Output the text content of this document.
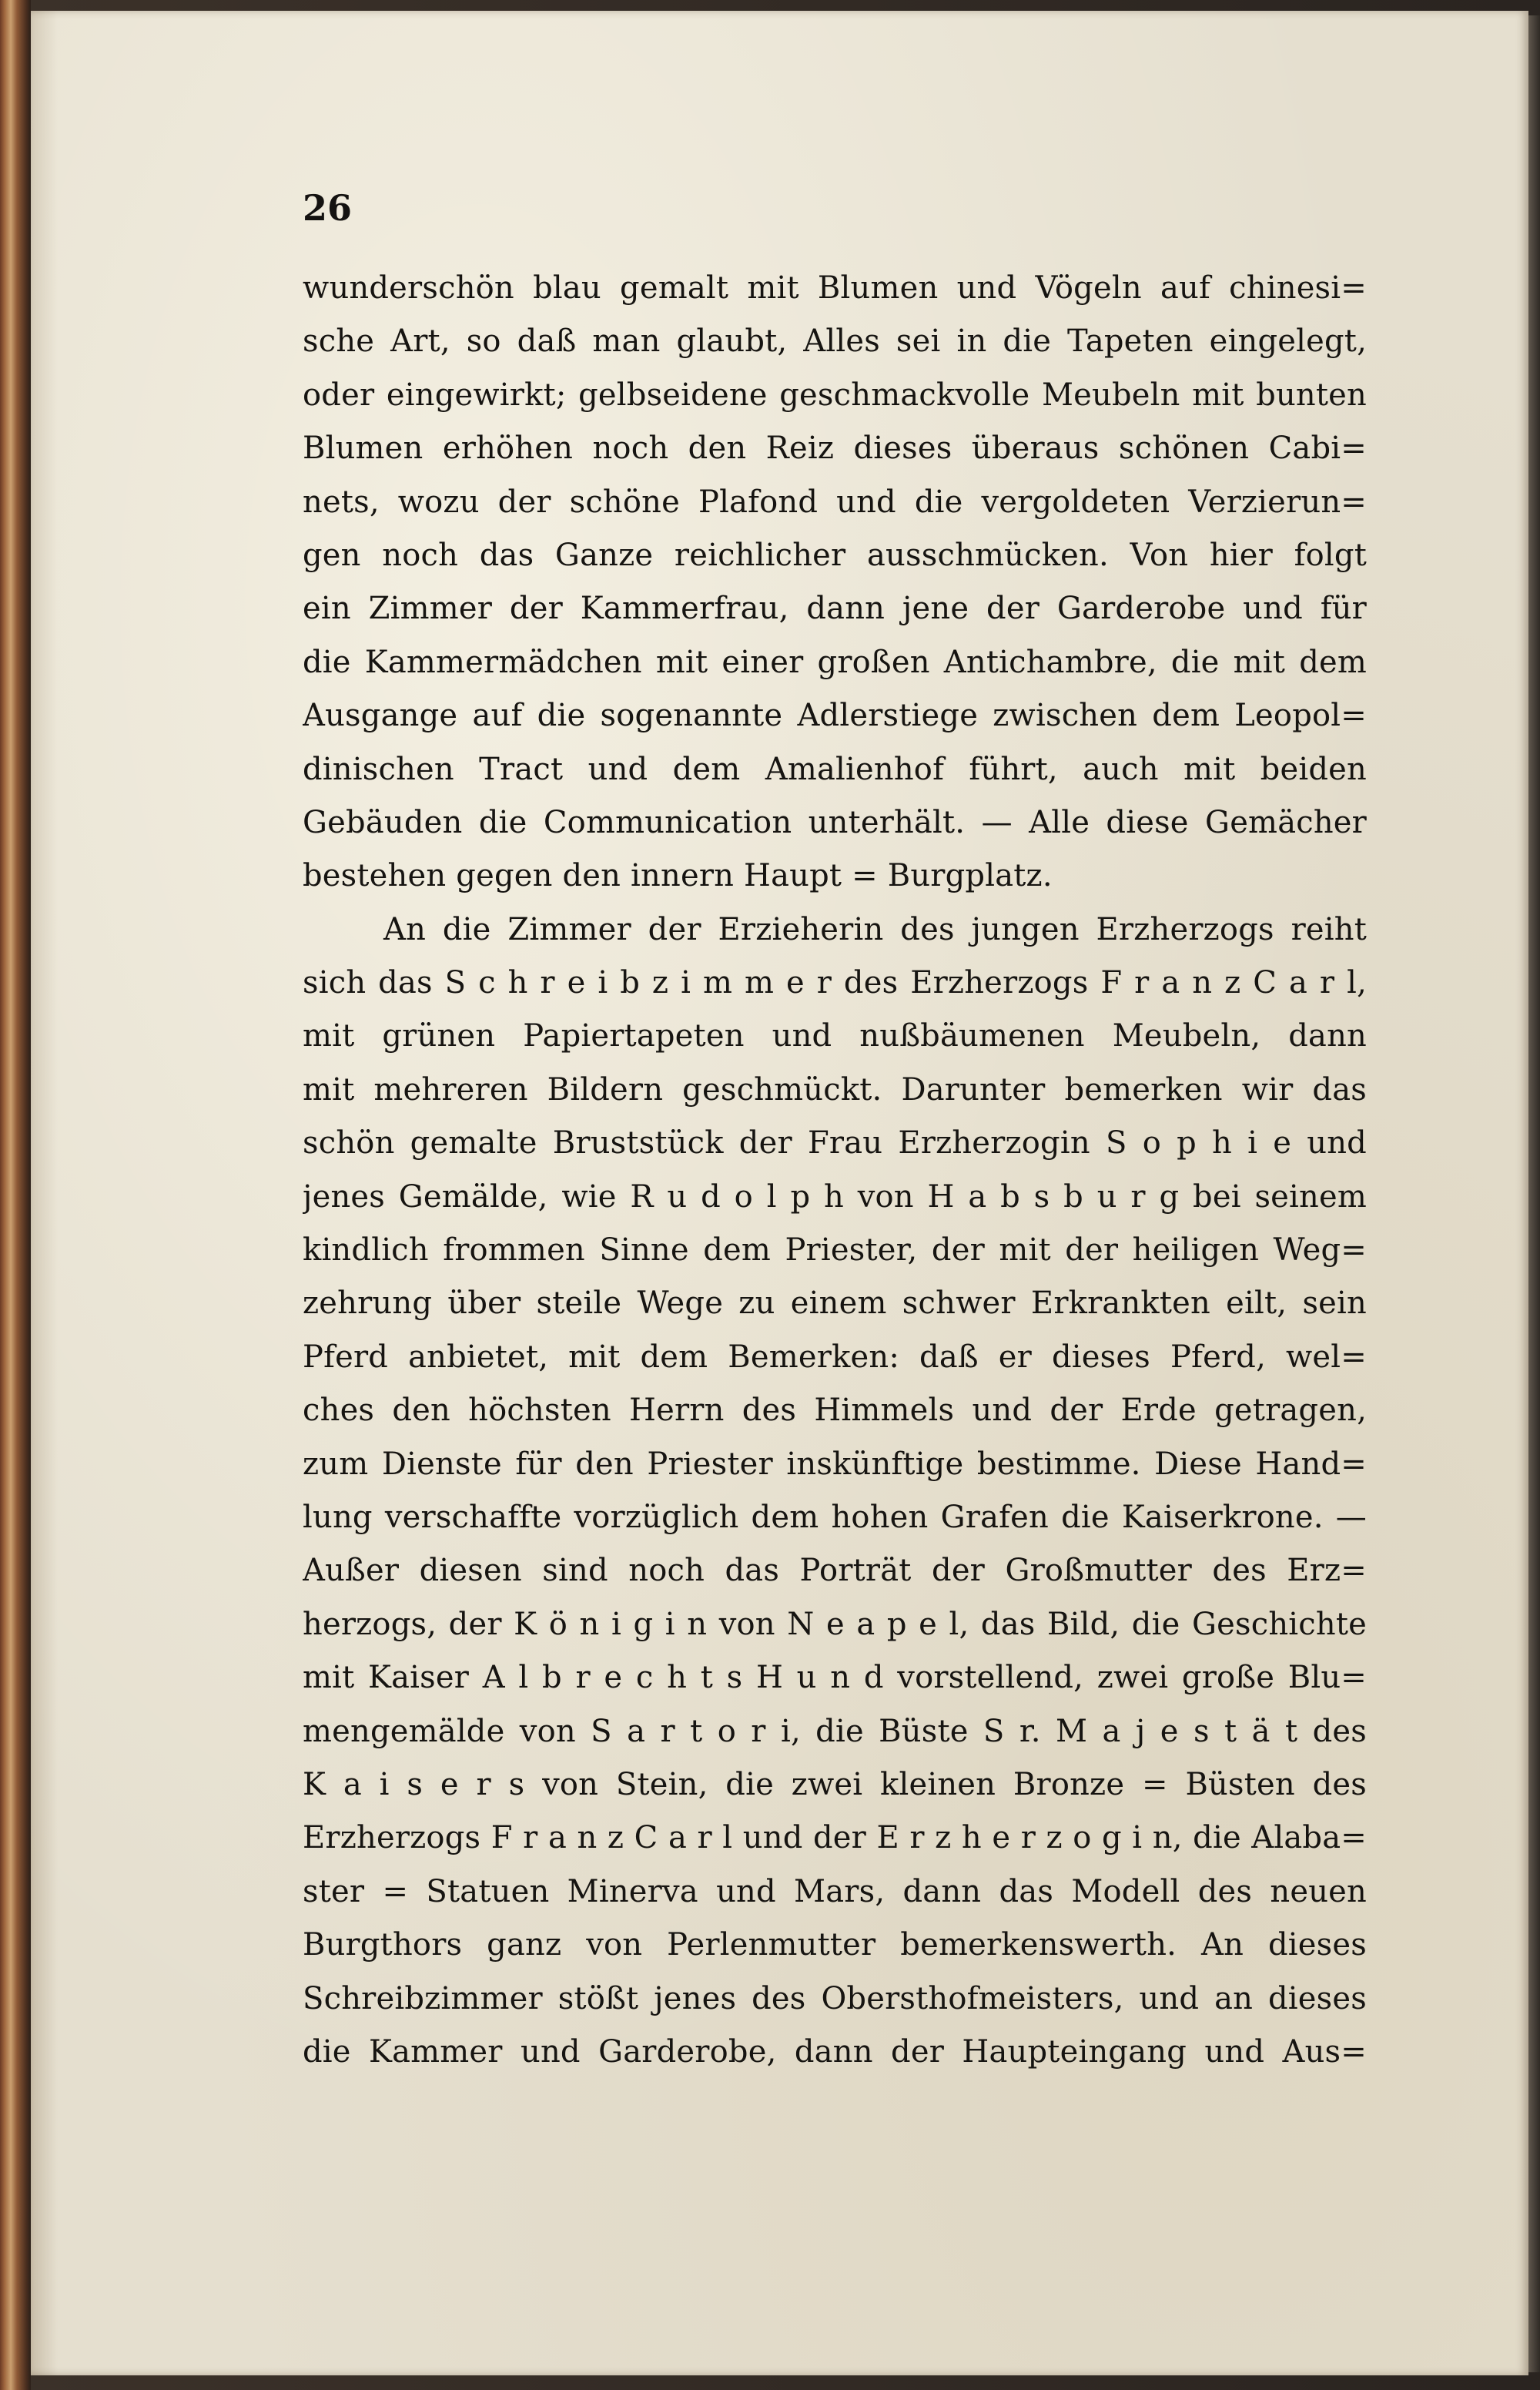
26

wunderschön blau gemalt mit Blumen und Vögeln auf chinesi=
sche Art, so daß man glaubt, Alles sei in die Tapeten eingelegt,
oder eingewirkt; gelbseidene geschmackvolle Meubeln mit bunten
Blumen erhöhen noch den Reiz dieses überaus schönen Cabi=
nets, wozu der schöne Plafond und die vergoldeten Verzierun=
gen noch das Ganze reichlicher ausschmücken. Von hier folgt
ein Zimmer der Kammerfrau, dann jene der Garderobe und für
die Kammermädchen mit einer großen Antichambre, die mit dem
Ausgange auf die sogenannte Adlerstiege zwischen dem Leopol=
dinischen Tract und dem Amalienhof führt, auch mit beiden
Gebäuden die Communication unterhält. — Alle diese Gemächer
bestehen gegen den innern Haupt = Burgplatz.
An die Zimmer der Erzieherin des jungen Erzherzogs reiht
sich das S c h r e i b z i m m e r des Erzherzogs F r a n z C a r l,
mit grünen Papiertapeten und nußbäumenen Meubeln, dann
mit mehreren Bildern geschmückt. Darunter bemerken wir das
schön gemalte Bruststück der Frau Erzherzogin S o p h i e und
jenes Gemälde, wie R u d o l p h von H a b s b u r g bei seinem
kindlich frommen Sinne dem Priester, der mit der heiligen Weg=
zehrung über steile Wege zu einem schwer Erkrankten eilt, sein
Pferd anbietet, mit dem Bemerken: daß er dieses Pferd, wel=
ches den höchsten Herrn des Himmels und der Erde getragen,
zum Dienste für den Priester inskünftige bestimme. Diese Hand=
lung verschaffte vorzüglich dem hohen Grafen die Kaiserkrone. —
Außer diesen sind noch das Porträt der Großmutter des Erz=
herzogs, der K ö n i g i n von N e a p e l, das Bild, die Geschichte
mit Kaiser A l b r e c h t s H u n d vorstellend, zwei große Blu=
mengemälde von S a r t o r i, die Büste S r. M a j e s t ä t des
K a i s e r s von Stein, die zwei kleinen Bronze = Büsten des
Erzherzogs F r a n z C a r l und der E r z h e r z o g i n, die Alaba=
ster = Statuen Minerva und Mars, dann das Modell des neuen
Burgthors ganz von Perlenmutter bemerkenswerth. An dieses
Schreibzimmer stößt jenes des Obersthofmeisters, und an dieses
die Kammer und Garderobe, dann der Haupteingang und Aus=
